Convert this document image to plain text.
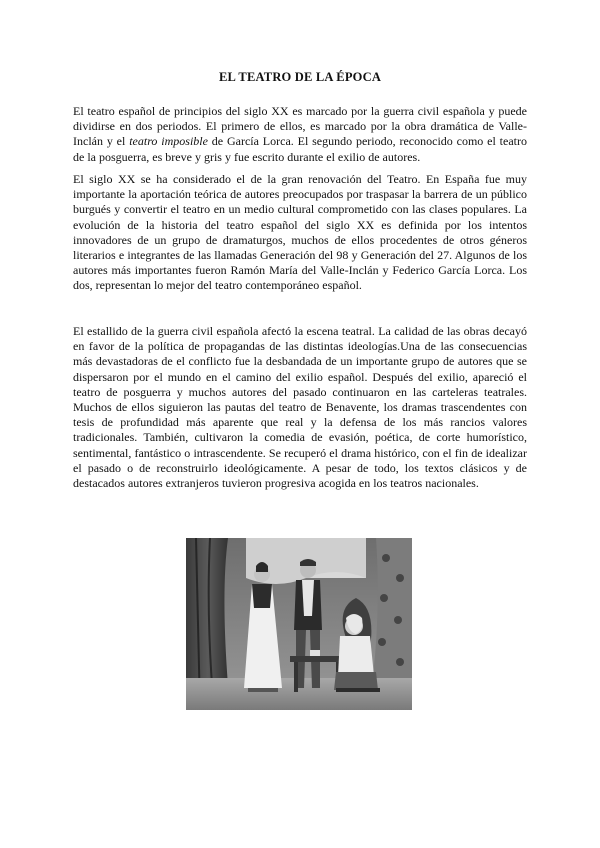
EL TEATRO DE LA ÉPOCA

El teatro español de principios del siglo XX es marcado por la guerra civil española y puede dividirse en dos periodos. El primero de ellos, es marcado por la obra dramática de Valle-Inclán y el teatro imposible de García Lorca. El segundo periodo, reconocido como el teatro de la posguerra, es breve y gris y fue escrito durante el exilio de autores.

El siglo XX se ha considerado el de la gran renovación del Teatro. En España fue muy importante la aportación teórica de autores preocupados por traspasar la barrera de un público burgués y convertir el teatro en un medio cultural comprometido con las clases populares. La evolución de la historia del teatro español del siglo XX es definida por los intentos innovadores de un grupo de dramaturgos, muchos de ellos procedentes de otros géneros literarios e integrantes de las llamadas Generación del 98 y Generación del 27. Algunos de los autores más importantes fueron Ramón María del Valle-Inclán y Federico García Lorca. Los dos, representan lo mejor del teatro contemporáneo español.

El estallido de la guerra civil española afectó la escena teatral. La calidad de las obras decayó en favor de la política de propagandas de las distintas ideologías.Una de las consecuencias más devastadoras de el conflicto fue la desbandada de un importante grupo de autores que se dispersaron por el mundo en el camino del exilio español. Después del exilio, apareció el teatro de posguerra y muchos autores del pasado continuaron en las carteleras teatrales. Muchos de ellos siguieron las pautas del teatro de Benavente, los dramas trascendentes con tesis de profundidad más aparente que real y la defensa de los más rancios valores tradicionales. También, cultivaron la comedia de evasión, poética, de corte humorístico, sentimental, fantástico o intrascendente. Se recuperó el drama histórico, con el fin de idealizar el pasado o de reconstruirlo ideológicamente. A pesar de todo, los textos clásicos y de destacados autores extranjeros tuvieron progresiva acogida en los teatros nacionales.
